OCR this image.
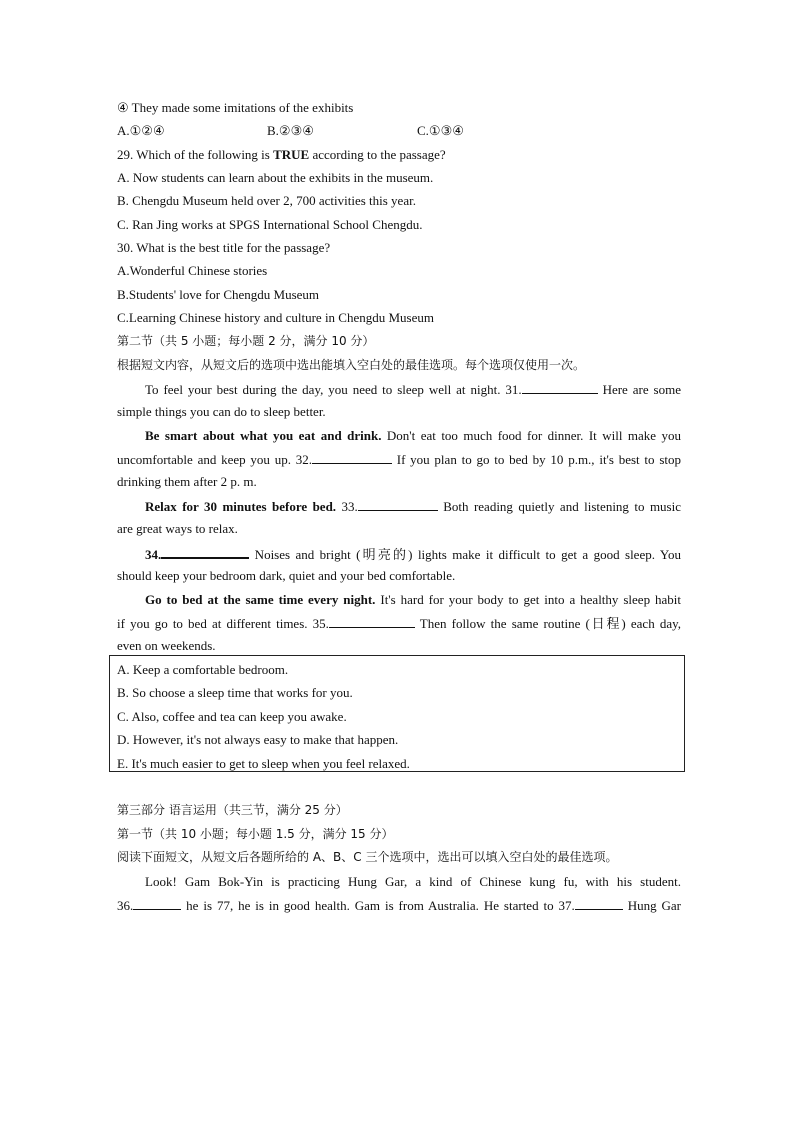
④ They made some imitations of the exhibits
A.①②④	B.②③④	C.①③④
29. Which of the following is TRUE according to the passage?
A. Now students can learn about the exhibits in the museum.
B. Chengdu Museum held over 2, 700 activities this year.
C. Ran Jing works at SPGS International School Chengdu.
30. What is the best title for the passage?
A.Wonderful Chinese stories
B.Students' love for Chengdu Museum
C.Learning Chinese history and culture in Chengdu Museum
第二节（共 5 小题；每小题 2 分，满分 10 分）
根据短文内容，从短文后的选项中选出能填入空白处的最佳选项。每个选项仅使用一次。
To feel your best during the day, you need to sleep well at night. 31.	Here are some
simple things you can do to sleep better.
Be smart about what you eat and drink. Don't eat too much food for dinner. It will make you
uncomfortable and keep you up. 32.	If you plan to go to bed by 10 p.m., it's best to stop
drinking them after 2 p. m.
Relax for 30 minutes before bed. 33.	Both reading quietly and listening to music
are great ways to relax.
34.	Noises and bright (明亮的) lights make it difficult to get a good sleep. You
should keep your bedroom dark, quiet and your bed comfortable.
Go to bed at the same time every night. It's hard for your body to get into a healthy sleep habit
if you go to bed at different times. 35.	Then follow the same routine (日程) each day,
even on weekends.
A. Keep a comfortable bedroom.
B. So choose a sleep time that works for you.
C. Also, coffee and tea can keep you awake.
D. However, it's not always easy to make that happen.
E. It's much easier to get to sleep when you feel relaxed.
第三部分 语言运用（共三节，满分 25 分）
第一节（共 10 小题；每小题 1.5 分，满分 15 分）
阅读下面短文，从短文后各题所给的 A、B、C 三个选项中，选出可以填入空白处的最佳选项。
Look! Gam Bok-Yin is practicing Hung Gar, a kind of Chinese kung fu, with his student.
36.	he is 77, he is in good health. Gam is from Australia. He started to 37.	Hung Gar
